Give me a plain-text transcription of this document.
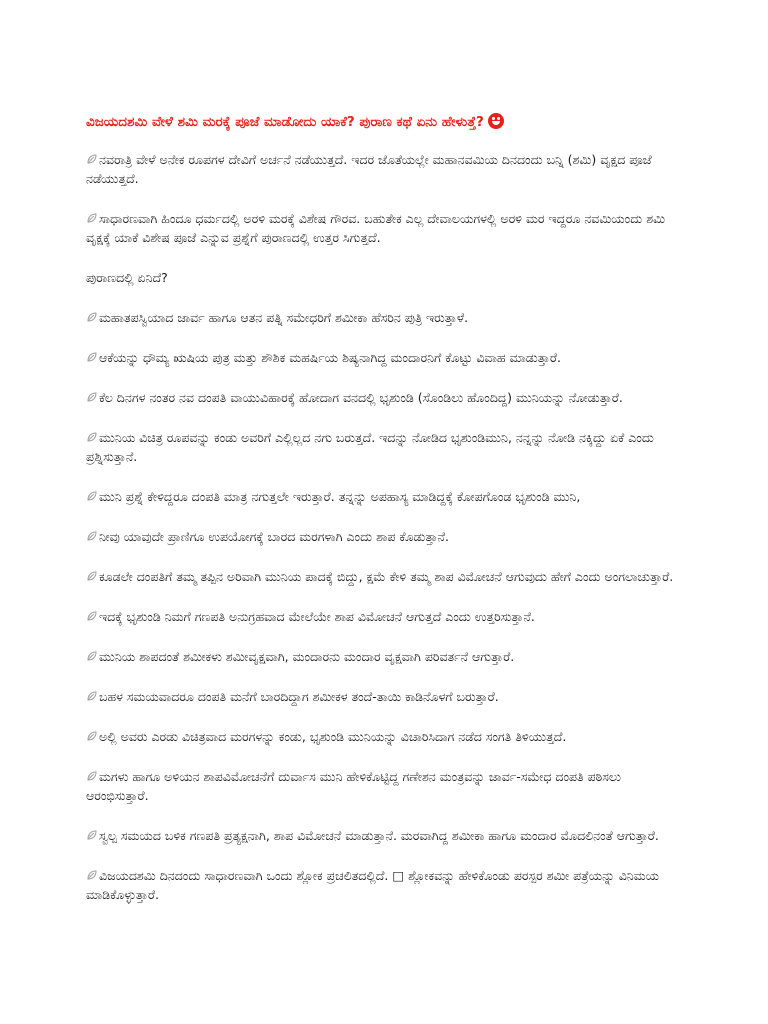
ವಿಜಯದಶಮಿ ವೇಳೆ ಶಮಿ ಮರಕ್ಕೆ ಪೂಜೆ ಮಾಡೋದು ಯಾಕೆ? ಪುರಾಣ ಕಥೆ ಏನು ಹೇಳುತ್ತೆ?

ನವರಾತ್ರಿ ವೇಳೆ ಅನೇಕ ರೂಪಗಳ ದೇವಿಗೆ ಅರ್ಚನೆ ನಡೆಯುತ್ತದೆ. ಇದರ ಜೊತೆಯಲ್ಲೇ ಮಹಾನವಮಿಯ ದಿನದಂದು ಬನ್ನಿ (ಶಮಿ) ವೃಕ್ಷದ ಪೂಜೆ ನಡೆಯುತ್ತದೆ.

ಸಾಧಾರಣವಾಗಿ ಹಿಂದೂ ಧರ್ಮದಲ್ಲಿ ಅರಳಿ ಮರಕ್ಕೆ ವಿಶೇಷ ಗೌರವ. ಬಹುತೇಕ ಎಲ್ಲ ದೇವಾಲಯಗಳಲ್ಲಿ ಅರಳಿ ಮರ ಇದ್ದರೂ ನವಮಿಯಂದು ಶಮಿ ವೃಕ್ಷಕ್ಕೆ ಯಾಕೆ ವಿಶೇಷ ಪೂಜೆ ಎನ್ನುವ ಪ್ರಶ್ನೆಗೆ ಪುರಾಣದಲ್ಲಿ ಉತ್ತರ ಸಿಗುತ್ತದೆ.

ಪುರಾಣದಲ್ಲಿ ಏನಿದೆ?

ಮಹಾತಪಸ್ವಿಯಾದ ಜಾರ್ವ ಹಾಗೂ ಆತನ ಪತ್ನಿ ಸಮೇಧರಿಗೆ ಶಮೀಕಾ ಹೆಸರಿನ ಪುತ್ರಿ ಇರುತ್ತಾಳೆ.

ಆಕೆಯನ್ನು ಧೌಮ್ಯ ಋಷಿಯ ಪುತ್ರ ಮತ್ತು ಶೌಶಿಕ ಮಹರ್ಷಿಯ ಶಿಷ್ಯನಾಗಿದ್ದ ಮಂದಾರನಿಗೆ ಕೊಟ್ಟು ವಿವಾಹ ಮಾಡುತ್ತಾರೆ.

ಕೆಲ ದಿನಗಳ ನಂತರ ನವ ದಂಪತಿ ವಾಯುವಿಹಾರಕ್ಕೆ ಹೋದಾಗ ವನದಲ್ಲಿ ಭೃಶುಂಡಿ (ಸೊಂಡಿಲು ಹೊಂದಿದ್ದ) ಮುನಿಯನ್ನು ನೋಡುತ್ತಾರೆ.

ಮುನಿಯ ವಿಚಿತ್ರ ರೂಪವನ್ನು ಕಂಡು ಅವರಿಗೆ ಎಲ್ಲಿಲ್ಲದ ನಗು ಬರುತ್ತದೆ. ಇದನ್ನು ನೋಡಿದ ಭೃಶುಂಡಿಮುನಿ, ನನ್ನನ್ನು ನೋಡಿ ನಕ್ಕಿದ್ದು ಏಕೆ ಎಂದು ಪ್ರಶ್ನಿಸುತ್ತಾನೆ.

ಮುನಿ ಪ್ರಶ್ನೆ ಕೇಳಿದ್ದರೂ ದಂಪತಿ ಮಾತ್ರ ನಗುತ್ತಲೇ ಇರುತ್ತಾರೆ. ತನ್ನನ್ನು ಅಪಹಾಸ್ಯ ಮಾಡಿದ್ದಕ್ಕೆ ಕೋಪಗೊಂಡ ಭೃಶುಂಡಿ ಮುನಿ,

ನೀವು ಯಾವುದೇ ಪ್ರಾಣಿಗೂ ಉಪಯೋಗಕ್ಕೆ ಬಾರದ ಮರಗಳಾಗಿ ಎಂದು ಶಾಪ ಕೊಡುತ್ತಾನೆ.

ಕೂಡಲೇ ದಂಪತಿಗೆ ತಮ್ಮ ತಪ್ಪಿನ ಅರಿವಾಗಿ ಮುನಿಯ ಪಾದಕ್ಕೆ ಬಿದ್ದು, ಕ್ಷಮೆ ಕೇಳಿ ತಮ್ಮ ಶಾಪ ವಿಮೋಚನೆ ಆಗುವುದು ಹೇಗೆ ಎಂದು ಅಂಗಲಾಚುತ್ತಾರೆ.

ಇದಕ್ಕೆ ಭೃಶುಂಡಿ ನಿಮಗೆ ಗಣಪತಿ ಅನುಗ್ರಹವಾದ ಮೇಲೆಯೇ ಶಾಪ ವಿಮೋಚನೆ ಆಗುತ್ತದೆ ಎಂದು ಉತ್ತರಿಸುತ್ತಾನೆ.

ಮುನಿಯ ಶಾಪದಂತೆ ಶಮೀಕಳು ಶಮೀವೃಕ್ಷವಾಗಿ, ಮಂದಾರನು ಮಂದಾರ ವೃಕ್ಷವಾಗಿ ಪರಿವರ್ತನೆ ಆಗುತ್ತಾರೆ.

ಬಹಳ ಸಮಯವಾದರೂ ದಂಪತಿ ಮನೆಗೆ ಬಾರದಿದ್ದಾಗ ಶಮೀಕಳ ತಂದೆ-ತಾಯಿ ಕಾಡಿನೊಳಗೆ ಬರುತ್ತಾರೆ.

ಅಲ್ಲಿ ಅವರು ಎರಡು ವಿಚಿತ್ರವಾದ ಮರಗಳನ್ನು ಕಂಡು, ಭೃಶುಂಡಿ ಮುನಿಯನ್ನು ವಿಚಾರಿಸಿದಾಗ ನಡೆದ ಸಂಗತಿ ತಿಳಿಯುತ್ತದೆ.

ಮಗಳು ಹಾಗೂ ಅಳಿಯನ ಶಾಪವಿಮೋಚನೆಗೆ ದುರ್ವಾಸ ಮುನಿ ಹೇಳಿಕೊಟ್ಟಿದ್ದ ಗಣೇಶನ ಮಂತ್ರವನ್ನು ಜಾರ್ವ-ಸಮೇಧ ದಂಪತಿ ಪಠಿಸಲು ಆರಂಭಿಸುತ್ತಾರೆ.

ಸ್ವಲ್ಪ ಸಮಯದ ಬಳಿಕ ಗಣಪತಿ ಪ್ರತ್ಯಕ್ಷನಾಗಿ, ಶಾಪ ವಿಮೋಚನೆ ಮಾಡುತ್ತಾನೆ. ಮರವಾಗಿದ್ದ ಶಮೀಕಾ ಹಾಗೂ ಮಂದಾರ ಮೊದಲಿನಂತೆ ಆಗುತ್ತಾರೆ.

ವಿಜಯದಶಮಿ ದಿನದಂದು ಸಾಧಾರಣವಾಗಿ ಒಂದು ಶ್ಲೋಕ ಪ್ರಚಲಿತದಲ್ಲಿದೆ. □ ಶ್ಲೋಕವನ್ನು ಹೇಳಿಕೊಂಡು ಪರಸ್ಪರ ಶಮೀ ಪತ್ರೆಯನ್ನು ವಿನಿಮಯ ಮಾಡಿಕೊಳ್ಳುತ್ತಾರೆ.
